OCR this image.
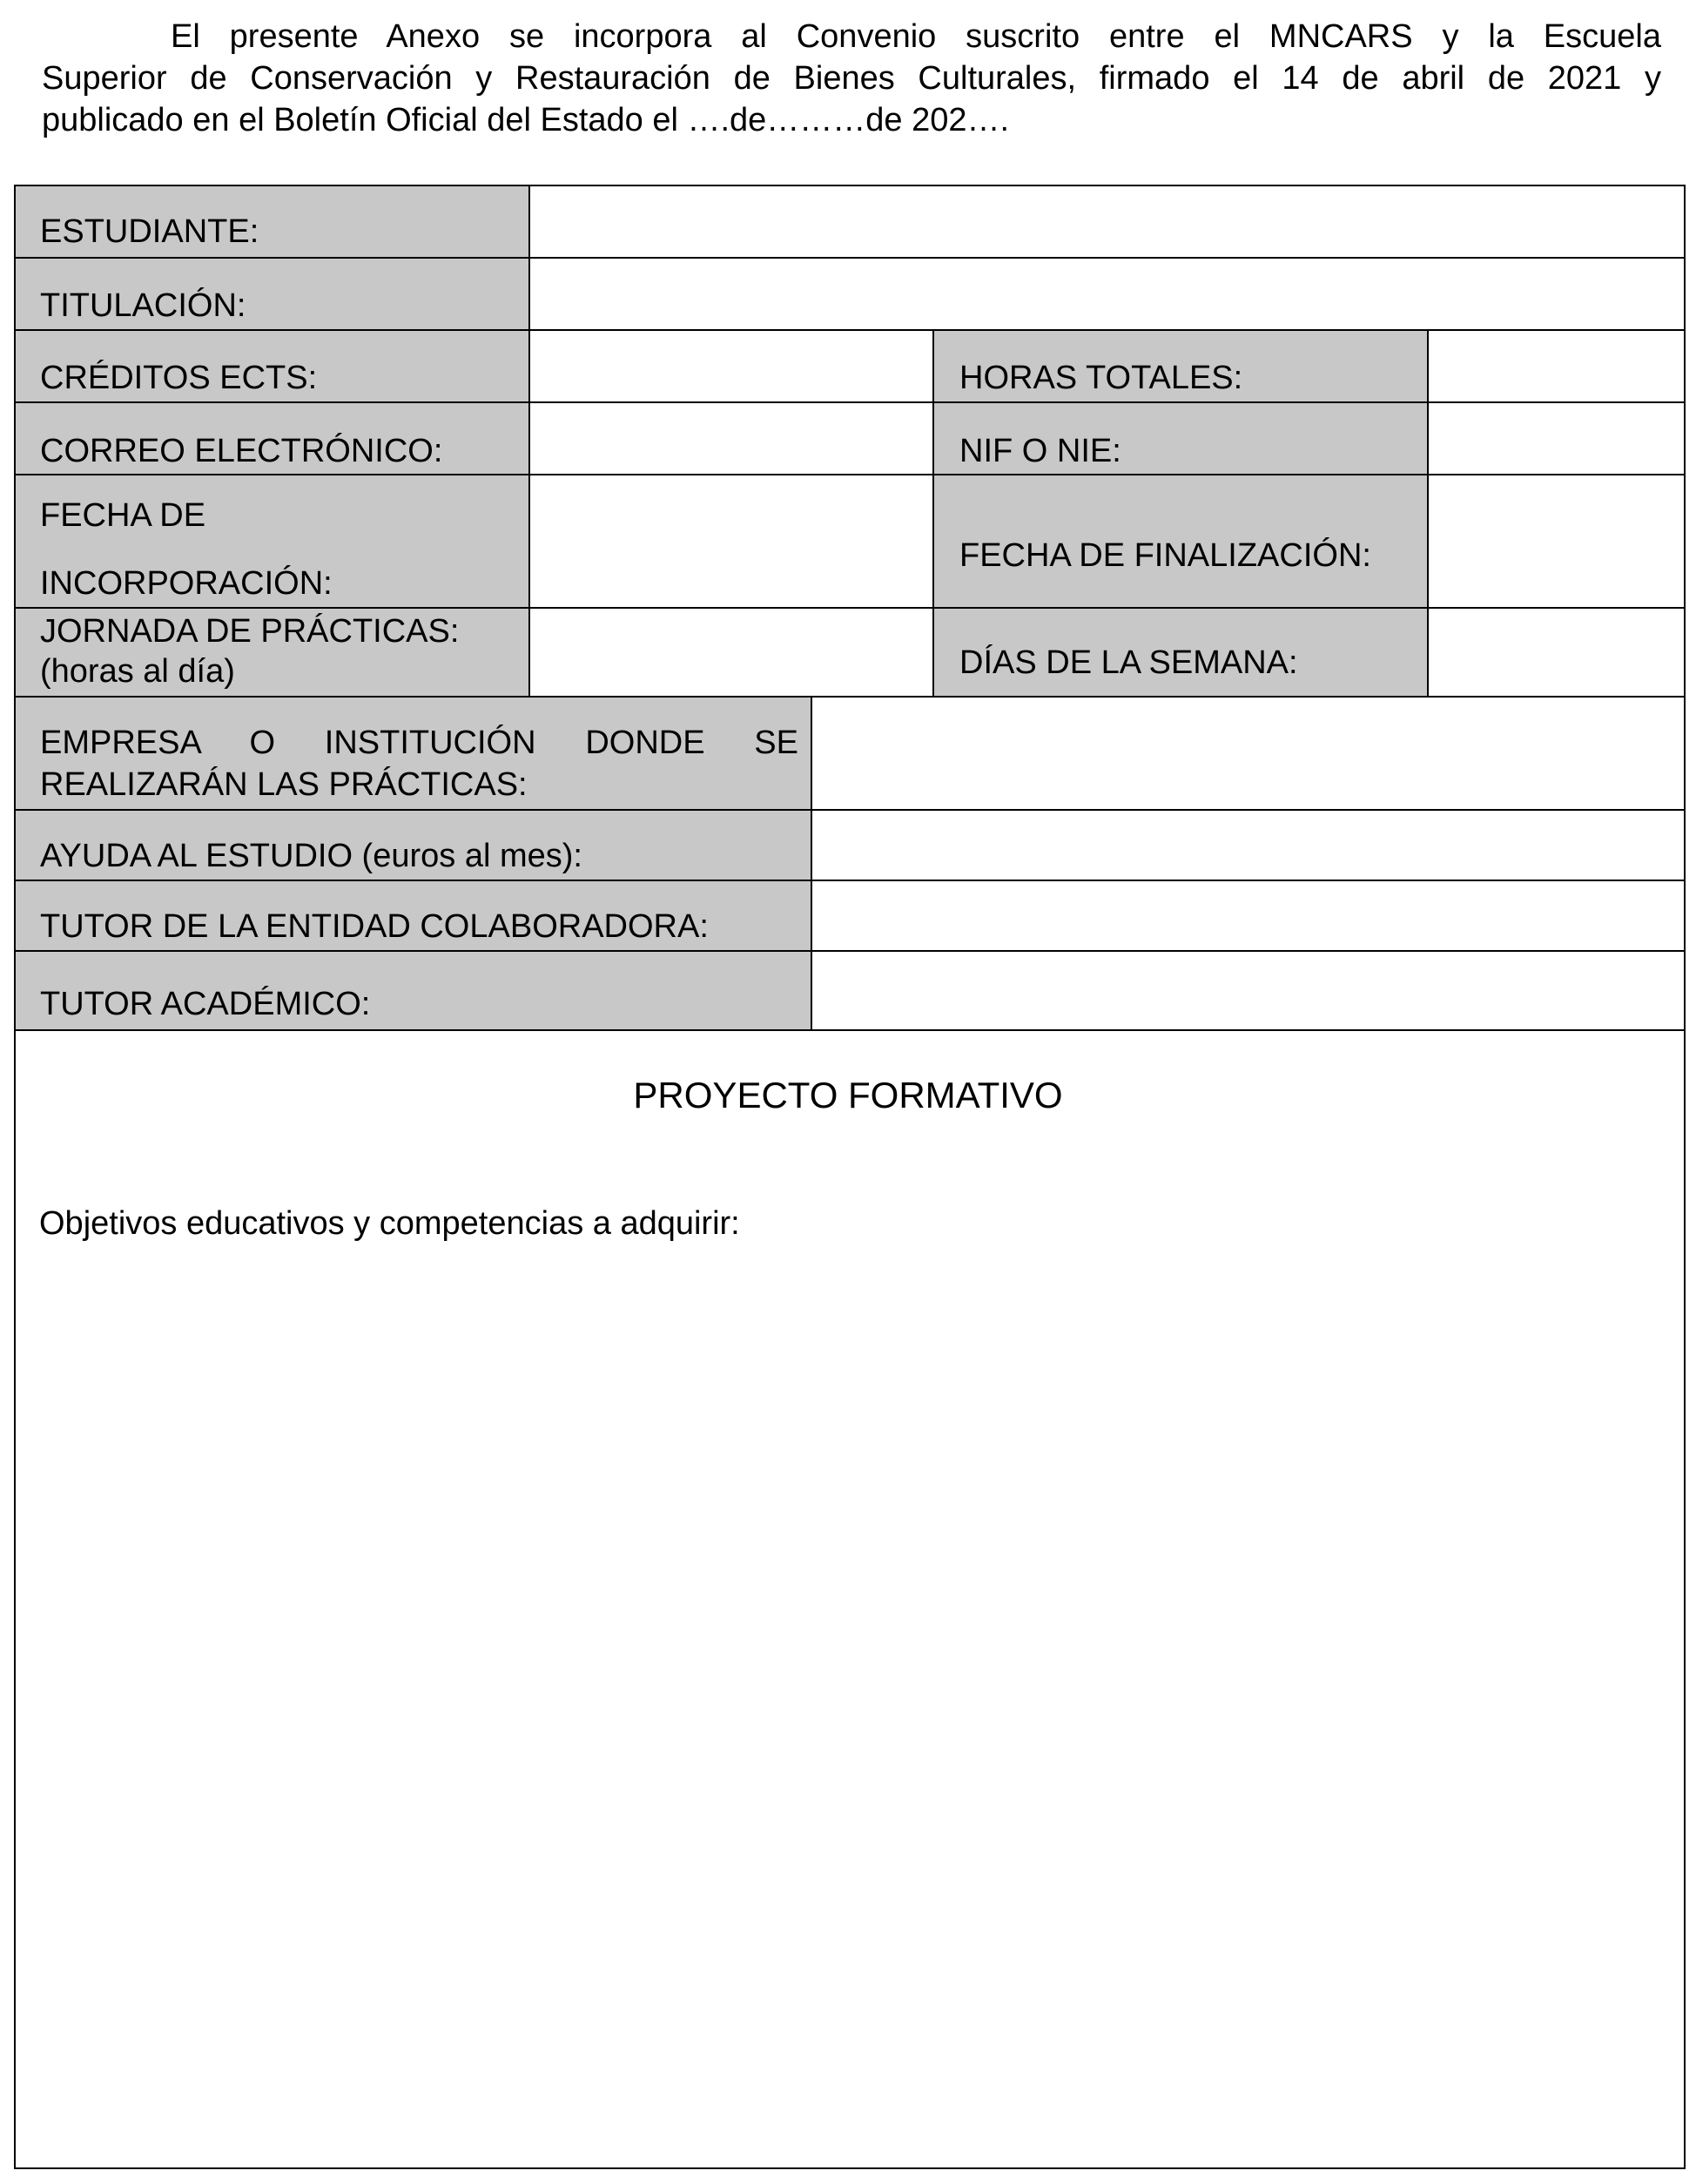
El presente Anexo se incorpora al Convenio suscrito entre el MNCARS y la Escuela
Superior de Conservación y Restauración de Bienes Culturales, firmado el 14 de abril de 2021 y
publicado en el Boletín Oficial del Estado el ….de………de 202….
ESTUDIANTE:
TITULACIÓN:
CRÉDITOS ECTS:	HORAS TOTALES:
CORREO ELECTRÓNICO:	NIF O NIE:
FECHA DE
INCORPORACIÓN:
FECHA DE FINALIZACIÓN:
JORNADA DE PRÁCTICAS:
(horas al día)	DÍAS DE LA SEMANA:
EMPRESA O INSTITUCIÓN DONDE SE
REALIZARÁN LAS PRÁCTICAS:
AYUDA AL ESTUDIO (euros al mes):
TUTOR DE LA ENTIDAD COLABORADORA:
TUTOR ACADÉMICO:
PROYECTO FORMATIVO
Objetivos educativos y competencias a adquirir:
